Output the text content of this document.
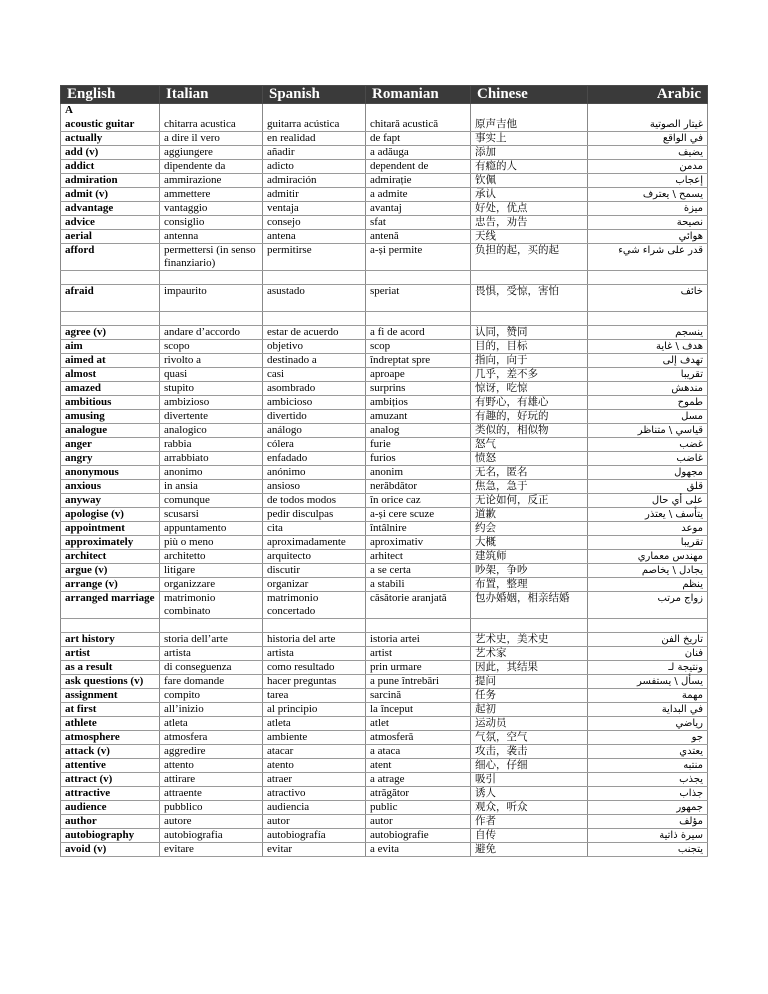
English	Italian	Spanish	Romanian	Chinese	Arabic
A					
acoustic guitar	chitarra acustica	guitarra acústica	chitară acustică	原声吉他	غيتار الصوتية
actually	a dire il vero	en realidad	de fapt	事实上	في الواقع
add (v)	aggiungere	añadir	a adăuga	添加	يضيف
addict	dipendente da	adicto	dependent de	有瘾的人	مدمن
admiration	ammirazione	admiración	admirație	钦佩	إعجاب
admit (v)	ammettere	admitir	a admite	承认	يسمح \ يعترف
advantage	vantaggio	ventaja	avantaj	好处，优点	ميزة
advice	consiglio	consejo	sfat	忠告，劝告	نصيحة
aerial	antenna	antena	antenă	天线	هوائي
afford	permettersi (in senso finanziario)	permitirse	a-și permite	负担的起，买的起	قدر على شراء شيء

afraid	impaurito	asustado	speriat	畏惧，受惊，害怕	خائف

agree (v)	andare d’accordo	estar de acuerdo	a fi de acord	认同，赞同	ينسجم
aim	scopo	objetivo	scop	目的，目标	هدف \ غاية
aimed at	rivolto a	destinado a	îndreptat spre	指向，向于	تهدف إلى
almost	quasi	casi	aproape	几乎，差不多	تقريبا
amazed	stupito	asombrado	surprins	惊讶，吃惊	مندهش
ambitious	ambizioso	ambicioso	ambițios	有野心，有雄心	طموح
amusing	divertente	divertido	amuzant	有趣的，好玩的	مسل
analogue	analogico	análogo	analog	类似的，相似物	قياسي \ متناظر
anger	rabbia	cólera	furie	怒气	غضب
angry	arrabbiato	enfadado	furios	愤怒	غاضب
anonymous	anonimo	anónimo	anonim	无名，匿名	مجهول
anxious	in ansia	ansioso	nerăbdător	焦急，急于	قلق
anyway	comunque	de todos modos	în orice caz	无论如何，反正	على أي حال
apologise (v)	scusarsi	pedir disculpas	a-și cere scuze	道歉	يتأسف \ يعتذر
appointment	appuntamento	cita	întâlnire	约会	موعد
approximately	più o meno	aproximadamente	aproximativ	大概	تقريبا
architect	architetto	arquitecto	arhitect	建筑师	مهندس معماري
argue (v)	litigare	discutir	a se certa	吵架，争吵	يجادل \ يخاصم
arrange (v)	organizzare	organizar	a stabili	布置，整理	ينظم
arranged marriage	matrimonio combinato	matrimonio concertado	căsătorie aranjată	包办婚姻，相亲结婚	زواج مرتب

art history	storia dell’arte	historia del arte	istoria artei	艺术史，美术史	تاريخ الفن
artist	artista	artista	artist	艺术家	فنان
as a result	di conseguenza	como resultado	prin urmare	因此，其结果	ونتيجة لـ
ask questions (v)	fare domande	hacer preguntas	a pune întrebări	提问	يسأل \ يستفسر
assignment	compito	tarea	sarcină	任务	مهمة
at first	all’inizio	al principio	la început	起初	في البداية
athlete	atleta	atleta	atlet	运动员	رياضي
atmosphere	atmosfera	ambiente	atmosferă	气氛，空气	جو
attack (v)	aggredire	atacar	a ataca	攻击，袭击	يعتدي
attentive	attento	atento	atent	细心，仔细	منتبه
attract (v)	attirare	atraer	a atrage	吸引	يجذب
attractive	attraente	atractivo	atrăgător	诱人	جذاب
audience	pubblico	audiencia	public	观众，听众	جمهور
author	autore	autor	autor	作者	مؤلف
autobiography	autobiografia	autobiografía	autobiografie	自传	سيرة ذاتية
avoid (v)	evitare	evitar	a evita	避免	يتجنب
